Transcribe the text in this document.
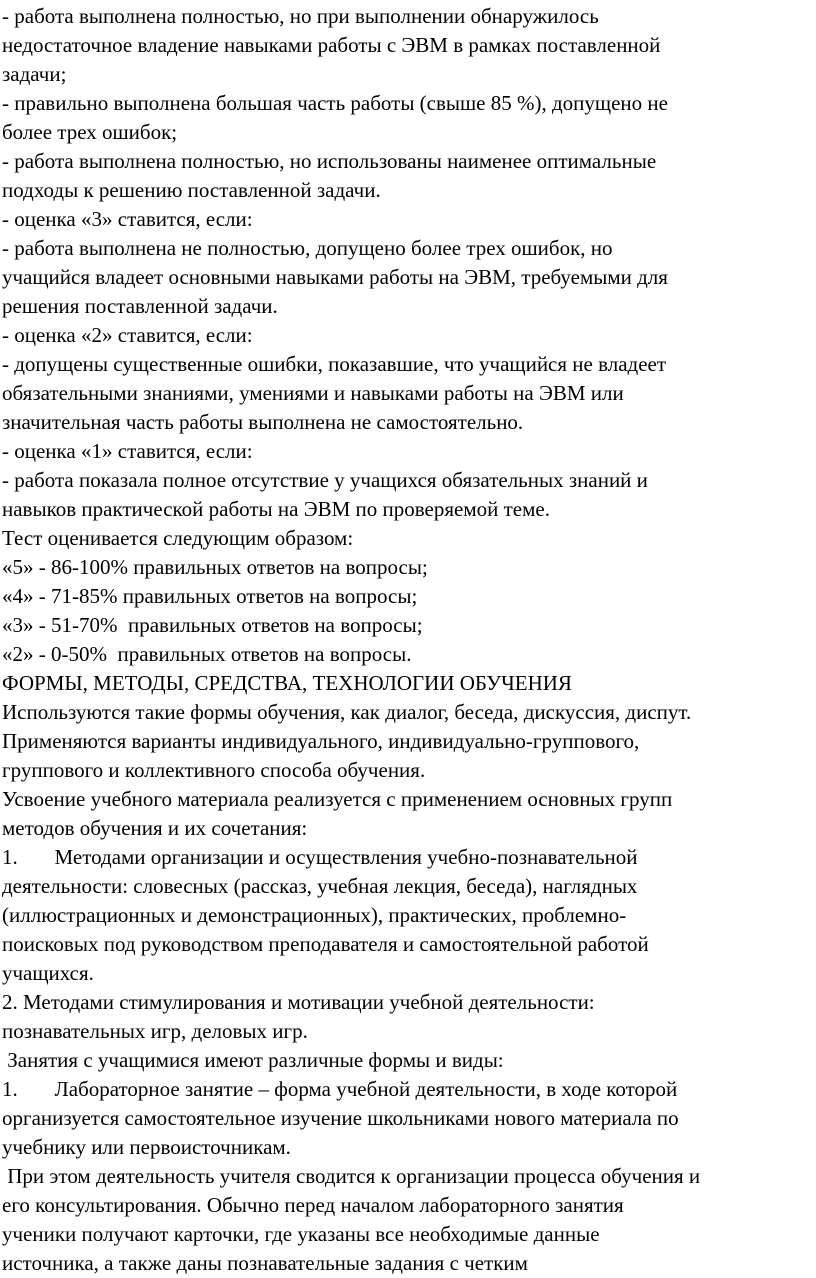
- работа выполнена полностью, но при выполнении обнаружилось
недостаточное владение навыками работы с ЭВМ в рамках поставленной
задачи;
- правильно выполнена большая часть работы (свыше 85 %), допущено не
более трех ошибок;
- работа выполнена полностью, но использованы наименее оптимальные
подходы к решению поставленной задачи.
- оценка «3» ставится, если:
- работа выполнена не полностью, допущено более трех ошибок, но
учащийся владеет основными навыками работы на ЭВМ, требуемыми для
решения поставленной задачи.
- оценка «2» ставится, если:
- допущены существенные ошибки, показавшие, что учащийся не владеет
обязательными знаниями, умениями и навыками работы на ЭВМ или
значительная часть работы выполнена не самостоятельно.
- оценка «1» ставится, если:
- работа показала полное отсутствие у учащихся обязательных знаний и
навыков практической работы на ЭВМ по проверяемой теме.
Тест оценивается следующим образом:
«5» - 86-100% правильных ответов на вопросы;
«4» - 71-85% правильных ответов на вопросы;
«3» - 51-70%  правильных ответов на вопросы;
«2» - 0-50%  правильных ответов на вопросы.
ФОРМЫ, МЕТОДЫ, СРЕДСТВА, ТЕХНОЛОГИИ ОБУЧЕНИЯ
Используются такие формы обучения, как диалог, беседа, дискуссия, диспут.
Применяются варианты индивидуального, индивидуально-группового,
группового и коллективного способа обучения.
Усвоение учебного материала реализуется с применением основных групп
методов обучения и их сочетания:
1.       Методами организации и осуществления учебно-познавательной
деятельности: словесных (рассказ, учебная лекция, беседа), наглядных
(иллюстрационных и демонстрационных), практических, проблемно-
поисковых под руководством преподавателя и самостоятельной работой
учащихся.
2. Методами стимулирования и мотивации учебной деятельности:
познавательных игр, деловых игр.
Занятия с учащимися имеют различные формы и виды:
1.       Лабораторное занятие – форма учебной деятельности, в ходе которой
организуется самостоятельное изучение школьниками нового материала по
учебнику или первоисточникам.
При этом деятельность учителя сводится к организации процесса обучения и
его консультирования. Обычно перед началом лабораторного занятия
ученики получают карточки, где указаны все необходимые данные
источника, а также даны познавательные задания с четким
